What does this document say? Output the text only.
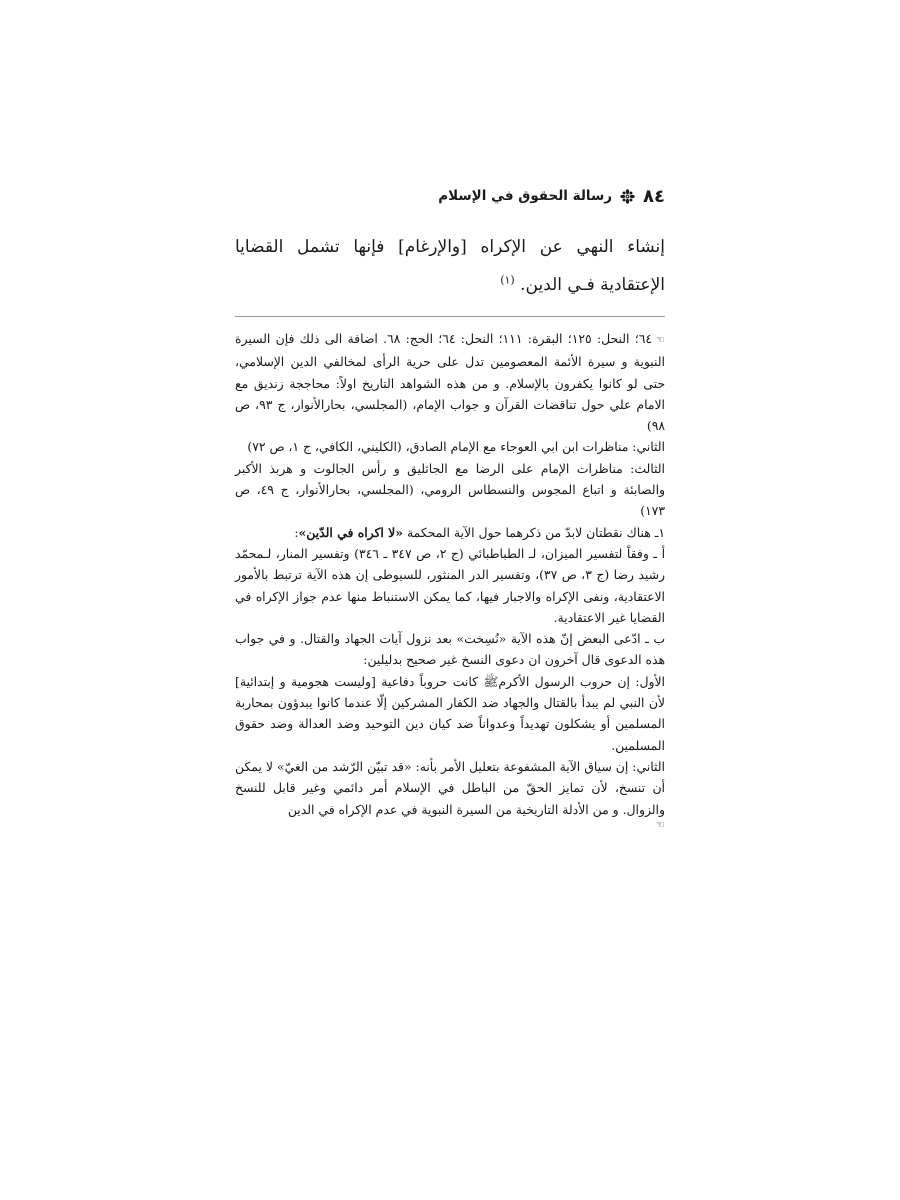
٨٤
رسالة الحقوق في الإسلام

إنشاء النهي عن الإكراه [والإرغام] فإنها تشمل القضايا الإعتقادية فـي الدين. $^{(١)}$

☜٦٤؛ النحل: ١٢٥؛ البقرة: ١١١؛ النحل: ٦٤؛ الحج: ٦٨. اضافة الى ذلك فإن السيرة النبوية و سيرة الأئمة المعصومين تدل على حرية الرأى لمخالفي الدين الإسلامي، حتى لو كانوا يكفرون بالإسلام. و من هذه الشواهد التاريخ اولاً: محاججة زنديق مع الامام علي حول تناقضات القرآن و جواب الإمام، (المجلسي، بحارالأنوار، ج ٩٣، ص ٩٨)

الثاني: مناظرات ابن ابي العوجاء مع الإمام الصادق، (الكليني، الكافي، ج ١، ص ٧٢)

الثالث: مناظرات الإمام على الرضا مع الجاثليق و رأس الجالوت و هربذ الأكبر والصابئة و اتباع المجوس والنسطاس الرومي، (المجلسي، بحارالأنوار، ج ٤٩، ص ١٧٣)

١ـ هناك نقطتان لابدّ من ذكرهما حول الآية المحكمة «لا اكراه في الدّين»:

أ ـ وفقاً لتفسير الميزان، لـ الطباطبائي (ج ٢، ص ٣٤٧ ـ ٣٤٦) وتفسير المنار، لـمحمّد رشيد رضا (ج ٣، ص ٣٧)، وتفسير الدر المنثور، للسيوطى إن هذه الآية ترتبط بالأمور الاعتقادية، ونفى الإكراه والاجبار فيها، كما يمكن الاستنباط منها عدم جواز الإكراه في القضايا غير الاعتقادية.

ب ـ ادّعى البعض إنّ هذه الآية «نُسِخت» بعد نزول آيات الجهاد والقتال. و في جواب هذه الدعوى قال آخرون ان دعوى النسخ غير صحيح بدليلين:

الأول: إن حروب الرسول الأكرمﷺ كانت حروباً دفاعية [وليست هجومية و إبتدائية] لأن النبي لم يبدأ بالقتال والجهاد ضد الكفار المشركين إلّا عندما كانوا يبدؤون بمحاربة المسلمين أو يشكلون تهديداً وعدواناً ضد كيان دين التوحيد وضد العدالة وضد حقوق المسلمين.

الثاني: إن سياق الآية المشفوعة بتعليل الأمر بأنه: «قد تبيّن الرّشد من الغيّ» لا يمكن أن تنسخ، لأن تمايز الحقّ من الباطل في الإسلام أمر دائمي وغير قابل للنسخ والزوال. و من الأدلة التاريخية من السيرة النبوية في عدم الإكراه في الدين

☜
